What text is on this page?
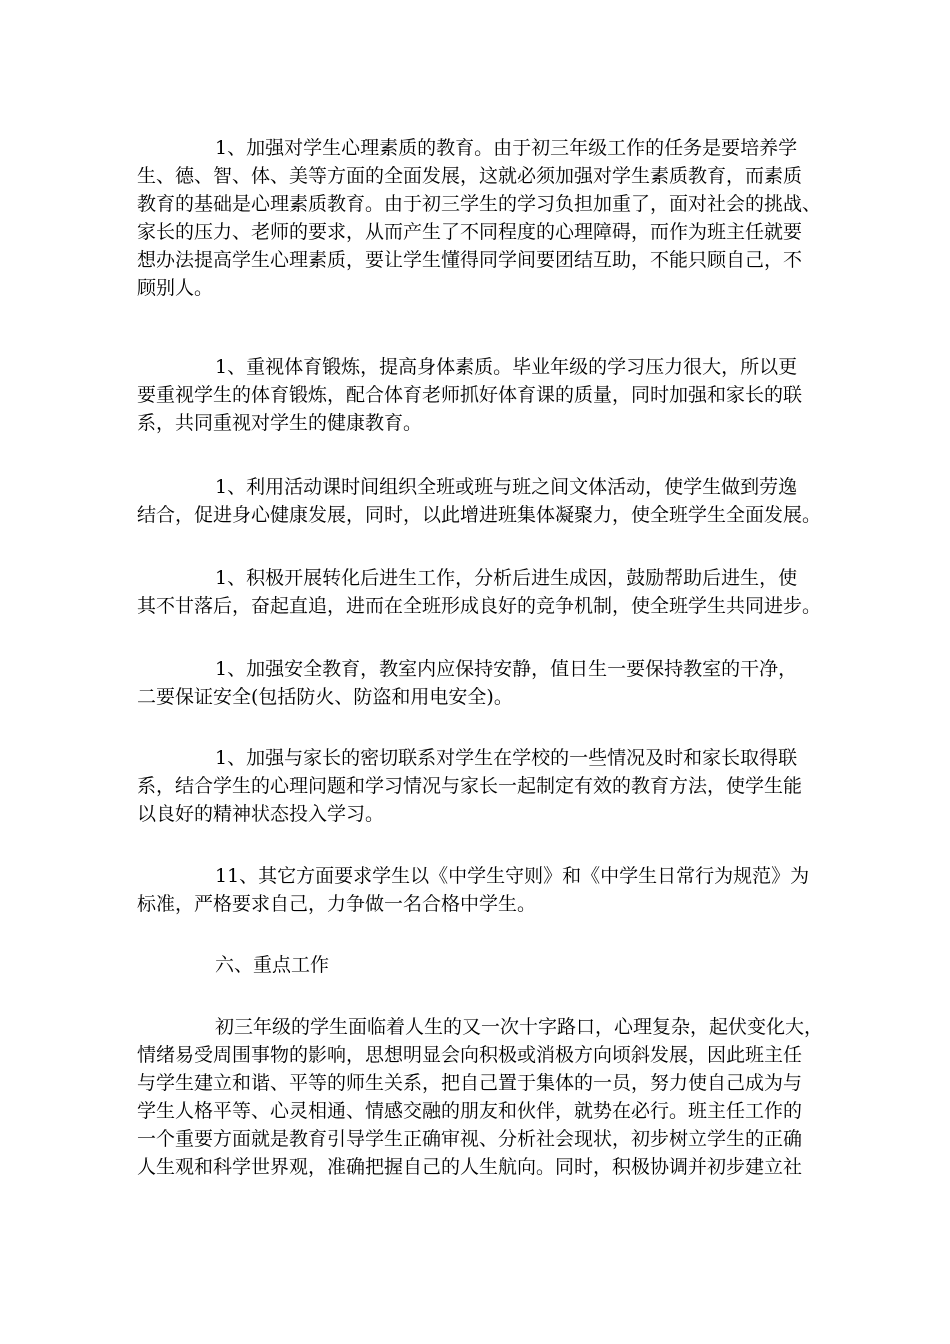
1、加强对学生心理素质的教育。由于初三年级工作的任务是要培养学
生、德、智、体、美等方面的全面发展，这就必须加强对学生素质教育，而素质
教育的基础是心理素质教育。由于初三学生的学习负担加重了，面对社会的挑战、
家长的压力、老师的要求，从而产生了不同程度的心理障碍，而作为班主任就要
想办法提高学生心理素质，要让学生懂得同学间要团结互助，不能只顾自己，不
顾别人。

1、重视体育锻炼，提高身体素质。毕业年级的学习压力很大，所以更
要重视学生的体育锻炼，配合体育老师抓好体育课的质量，同时加强和家长的联
系，共同重视对学生的健康教育。

1、利用活动课时间组织全班或班与班之间文体活动，使学生做到劳逸
结合，促进身心健康发展，同时，以此增进班集体凝聚力，使全班学生全面发展。

1、积极开展转化后进生工作，分析后进生成因，鼓励帮助后进生，使
其不甘落后，奋起直追，进而在全班形成良好的竞争机制，使全班学生共同进步。

1、加强安全教育，教室内应保持安静，值日生一要保持教室的干净，
二要保证安全(包括防火、防盗和用电安全)。

1、加强与家长的密切联系对学生在学校的一些情况及时和家长取得联
系，结合学生的心理问题和学习情况与家长一起制定有效的教育方法，使学生能
以良好的精神状态投入学习。

11、其它方面要求学生以《中学生守则》和《中学生日常行为规范》为
标准，严格要求自己，力争做一名合格中学生。

六、重点工作

初三年级的学生面临着人生的又一次十字路口，心理复杂，起伏变化大，
情绪易受周围事物的影响，思想明显会向积极或消极方向顷斜发展，因此班主任
与学生建立和谐、平等的师生关系，把自己置于集体的一员，努力使自己成为与
学生人格平等、心灵相通、情感交融的朋友和伙伴，就势在必行。班主任工作的
一个重要方面就是教育引导学生正确审视、分析社会现状，初步树立学生的正确
人生观和科学世界观，准确把握自己的人生航向。同时，积极协调并初步建立社
